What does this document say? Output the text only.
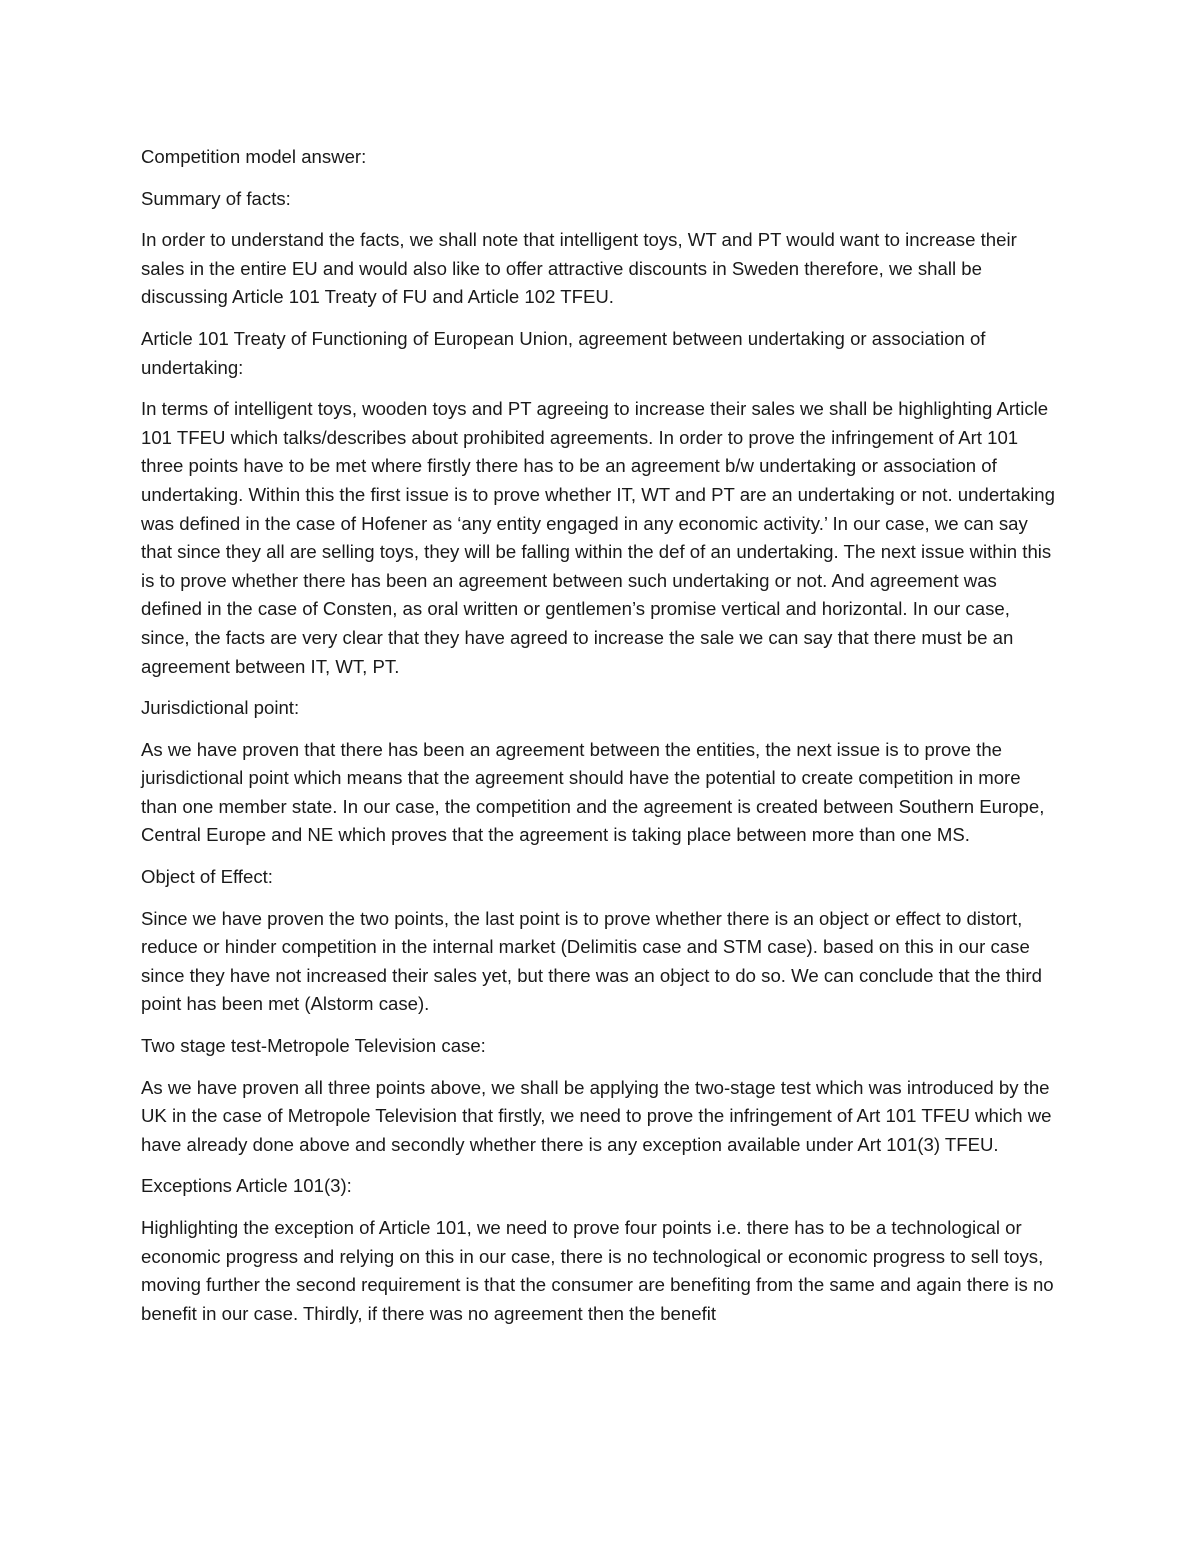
Competition model answer:

Summary of facts:

In order to understand the facts, we shall note that intelligent toys, WT and PT would want to increase their sales in the entire EU and would also like to offer attractive discounts in Sweden therefore, we shall be discussing Article 101 Treaty of FU and Article 102 TFEU.

Article 101 Treaty of Functioning of European Union, agreement between undertaking or association of undertaking:

In terms of intelligent toys, wooden toys and PT agreeing to increase their sales we shall be highlighting Article 101 TFEU which talks/describes about prohibited agreements. In order to prove the infringement of Art 101 three points have to be met where firstly there has to be an agreement b/w undertaking or association of undertaking. Within this the first issue is to prove whether IT, WT and PT are an undertaking or not. undertaking was defined in the case of Hofener as ‘any entity engaged in any economic activity.’ In our case, we can say that since they all are selling toys, they will be falling within the def of an undertaking. The next issue within this is to prove whether there has been an agreement between such undertaking or not. And agreement was defined in the case of Consten, as oral written or gentlemen’s promise vertical and horizontal. In our case, since, the facts are very clear that they have agreed to increase the sale we can say that there must be an agreement between IT, WT, PT.

Jurisdictional point:

As we have proven that there has been an agreement between the entities, the next issue is to prove the jurisdictional point which means that the agreement should have the potential to create competition in more than one member state. In our case, the competition and the agreement is created between Southern Europe, Central Europe and NE which proves that the agreement is taking place between more than one MS.

Object of Effect:

Since we have proven the two points, the last point is to prove whether there is an object or effect to distort, reduce or hinder competition in the internal market (Delimitis case and STM case). based on this in our case since they have not increased their sales yet, but there was an object to do so. We can conclude that the third point has been met (Alstorm case).

Two stage test-Metropole Television case:

As we have proven all three points above, we shall be applying the two-stage test which was introduced by the UK in the case of Metropole Television that firstly, we need to prove the infringement of Art 101 TFEU which we have already done above and secondly whether there is any exception available under Art 101(3) TFEU.

Exceptions Article 101(3):

Highlighting the exception of Article 101, we need to prove four points i.e. there has to be a technological or economic progress and relying on this in our case, there is no technological or economic progress to sell toys, moving further the second requirement is that the consumer are benefiting from the same and again there is no benefit in our case. Thirdly, if there was no agreement then the benefit
